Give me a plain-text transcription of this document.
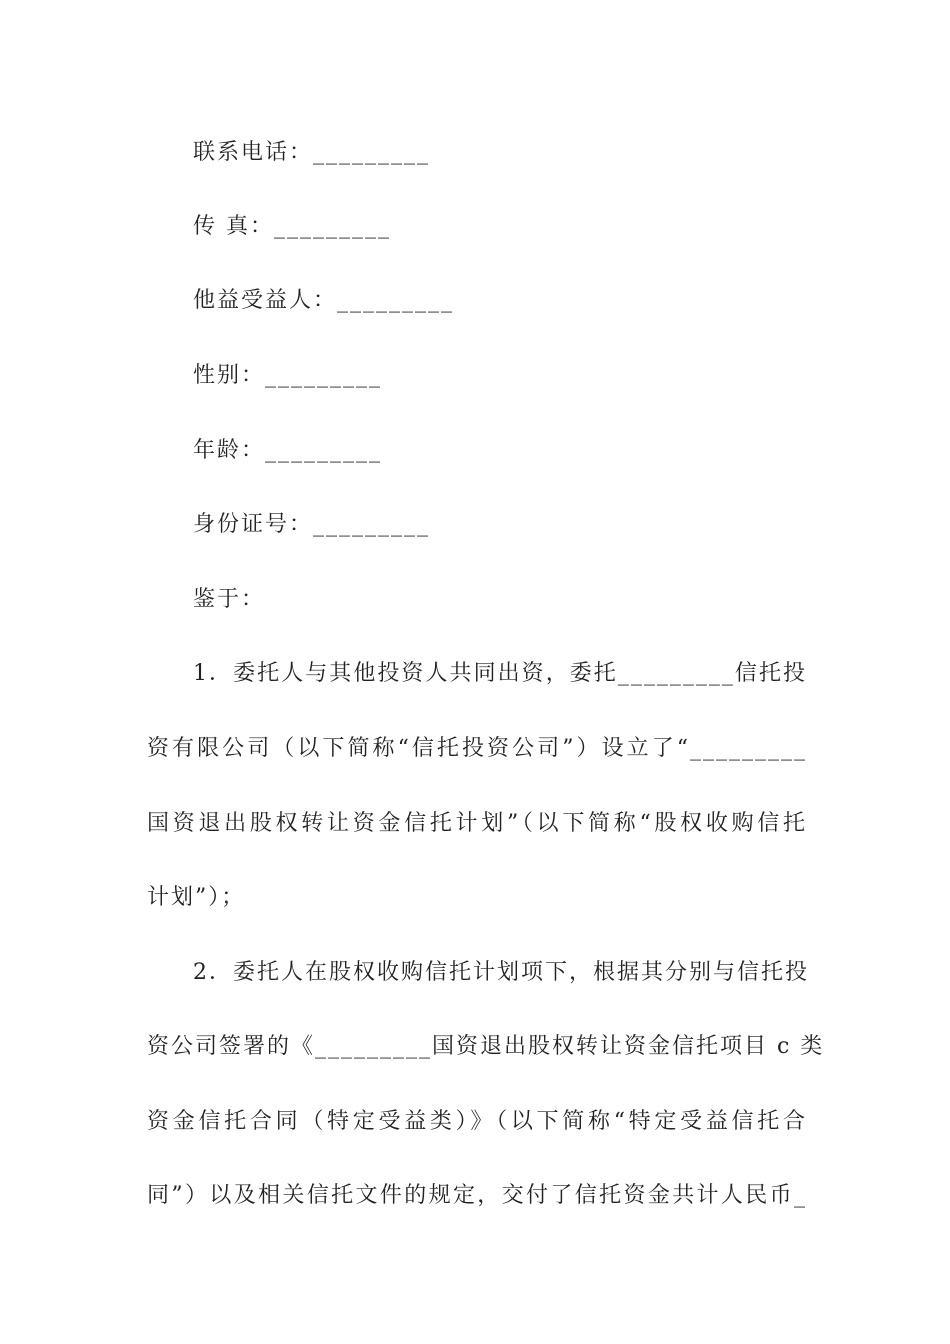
联系电话：_________
传 真：_________
他益受益人：_________
性别：_________
年龄：_________
身份证号：_________
鉴于：
1．委托人与其他投资人共同出资，委托_________信托投
资有限公司（以下简称“信托投资公司”）设立了“_________
国资退出股权转让资金信托计划”（以下简称“股权收购信托
计划”）；
2．委托人在股权收购信托计划项下，根据其分别与信托投
资公司签署的《_________国资退出股权转让资金信托项目 c 类
资金信托合同（特定受益类）》（以下简称“特定受益信托合
同”）以及相关信托文件的规定，交付了信托资金共计人民币_
